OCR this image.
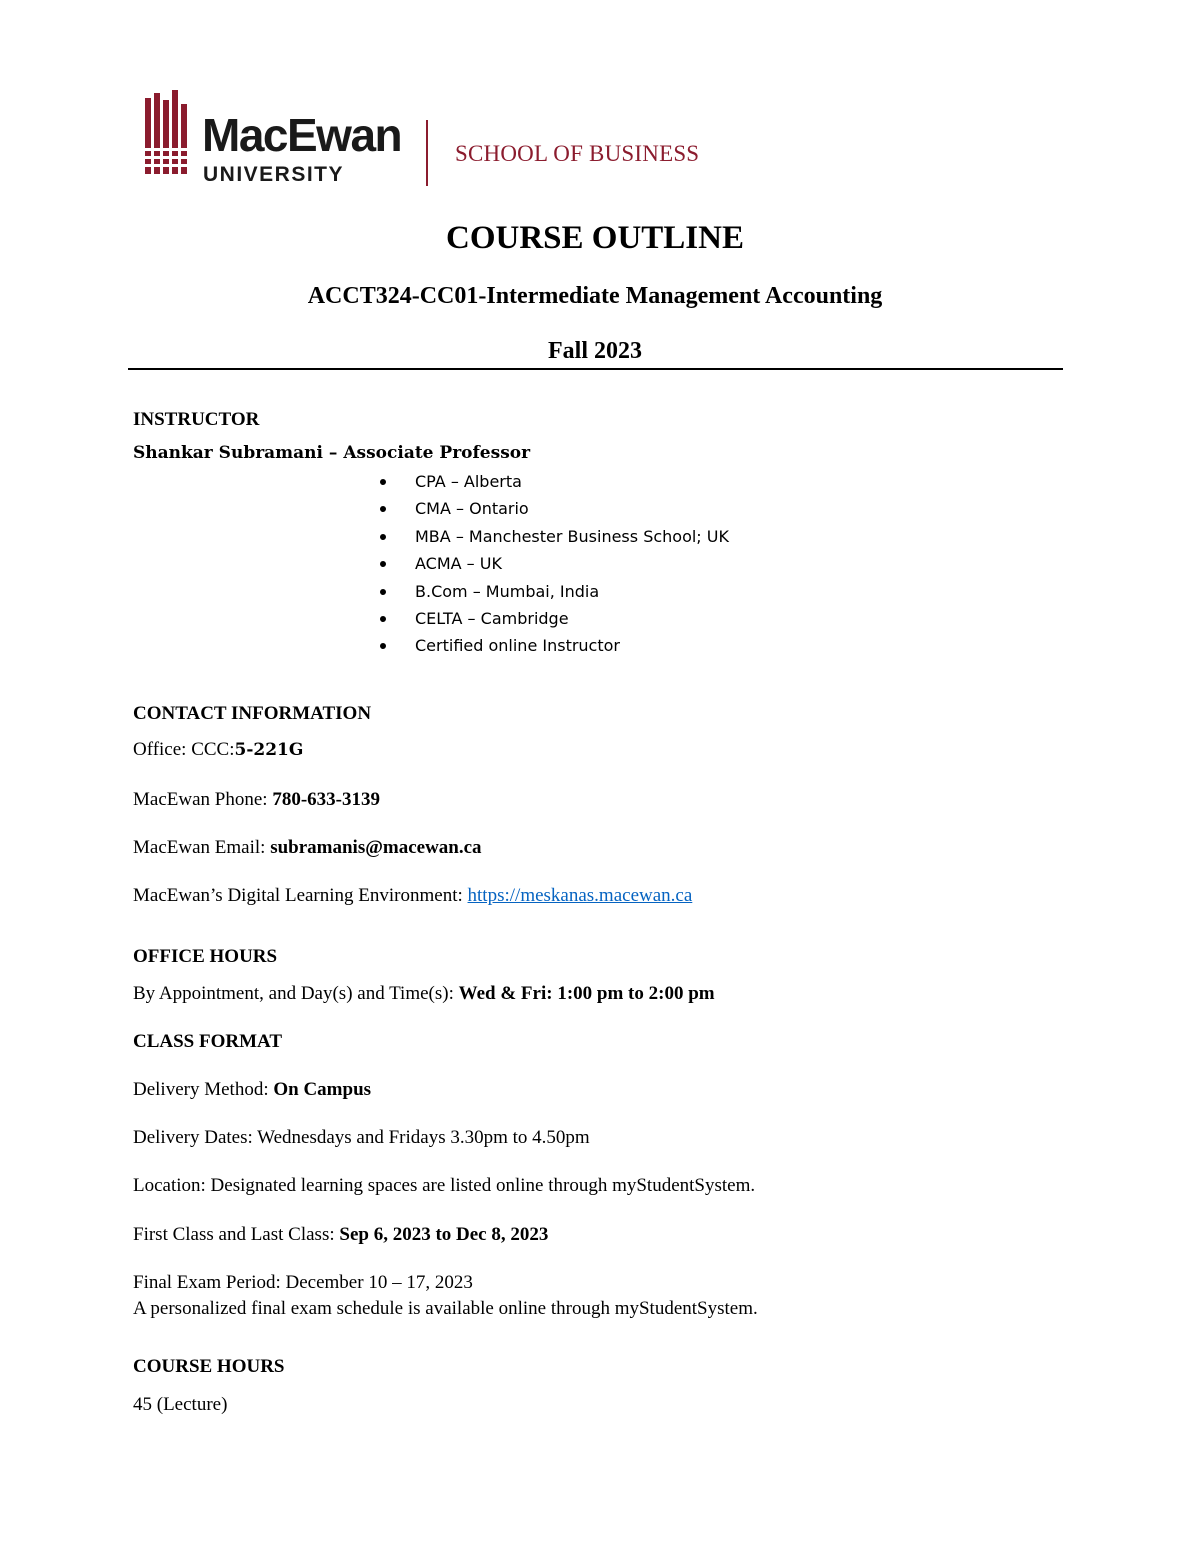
MacEwan
UNIVERSITY
SCHOOL OF BUSINESS
COURSE OUTLINE
ACCT324-CC01-Intermediate Management Accounting
Fall 2023
INSTRUCTOR
Shankar Subramani – Associate Professor
CPA – Alberta
CMA – Ontario
MBA – Manchester Business School; UK
ACMA – UK
B.Com – Mumbai, India
CELTA – Cambridge
Certified online Instructor
CONTACT INFORMATION
Office: CCC:5-221G
MacEwan Phone: 780-633-3139
MacEwan Email: subramanis@macewan.ca
MacEwan’s Digital Learning Environment: https://meskanas.macewan.ca
OFFICE HOURS
By Appointment, and Day(s) and Time(s): Wed & Fri: 1:00 pm to 2:00 pm
CLASS FORMAT
Delivery Method: On Campus
Delivery Dates: Wednesdays and Fridays 3.30pm to 4.50pm
Location: Designated learning spaces are listed online through myStudentSystem.
First Class and Last Class: Sep 6, 2023 to Dec 8, 2023
Final Exam Period: December 10 – 17, 2023
A personalized final exam schedule is available online through myStudentSystem.
COURSE HOURS
45 (Lecture)
